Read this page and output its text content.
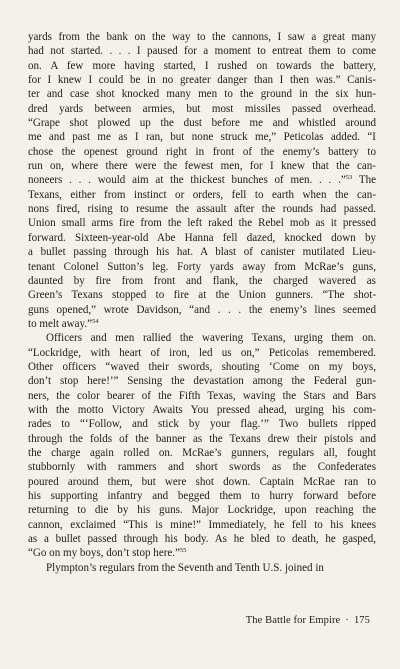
yards from the bank on the way to the cannons, I saw a great many
had not started. . . . I paused for a moment to entreat them to come
on. A few more having started, I rushed on towards the battery,
for I knew I could be in no greater danger than I then was.” Canis-
ter and case shot knocked many men to the ground in the six hun-
dred yards between armies, but most missiles passed overhead.
“Grape shot plowed up the dust before me and whistled around
me and past me as I ran, but none struck me,” Peticolas added. “I
chose the openest ground right in front of the enemy’s battery to
run on, where there were the fewest men, for I knew that the can-
noneers . . . would aim at the thickest bunches of men. . . .”$^{53}$ The
Texans, either from instinct or orders, fell to earth when the can-
nons fired, rising to resume the assault after the rounds had passed.
Union small arms fire from the left raked the Rebel mob as it pressed
forward. Sixteen-year-old Abe Hanna fell dazed, knocked down by
a bullet passing through his hat. A blast of canister mutilated Lieu-
tenant Colonel Sutton’s leg. Forty yards away from McRae’s guns,
daunted by fire from front and flank, the charged wavered as
Green’s Texans stopped to fire at the Union gunners. “The shot-
guns opened,” wrote Davidson, “and . . . the enemy’s lines seemed
to melt away.”$^{54}$

Officers and men rallied the wavering Texans, urging them on.
“Lockridge, with heart of iron, led us on,” Peticolas remembered.
Other officers “waved their swords, shouting ‘Come on my boys,
don’t stop here!’” Sensing the devastation among the Federal gun-
ners, the color bearer of the Fifth Texas, waving the Stars and Bars
with the motto Victory Awaits You pressed ahead, urging his com-
rades to “‘Follow, and stick by your flag.’” Two bullets ripped
through the folds of the banner as the Texans drew their pistols and
the charge again rolled on. McRae’s gunners, regulars all, fought
stubbornly with rammers and short swords as the Confederates
poured around them, but were shot down. Captain McRae ran to
his supporting infantry and begged them to hurry forward before
returning to die by his guns. Major Lockridge, upon reaching the
cannon, exclaimed “This is mine!” Immediately, he fell to his knees
as a bullet passed through his body. As he bled to death, he gasped,
“Go on my boys, don’t stop here.”$^{55}$

Plympton’s regulars from the Seventh and Tenth U.S. joined in

The Battle for Empire · 175
